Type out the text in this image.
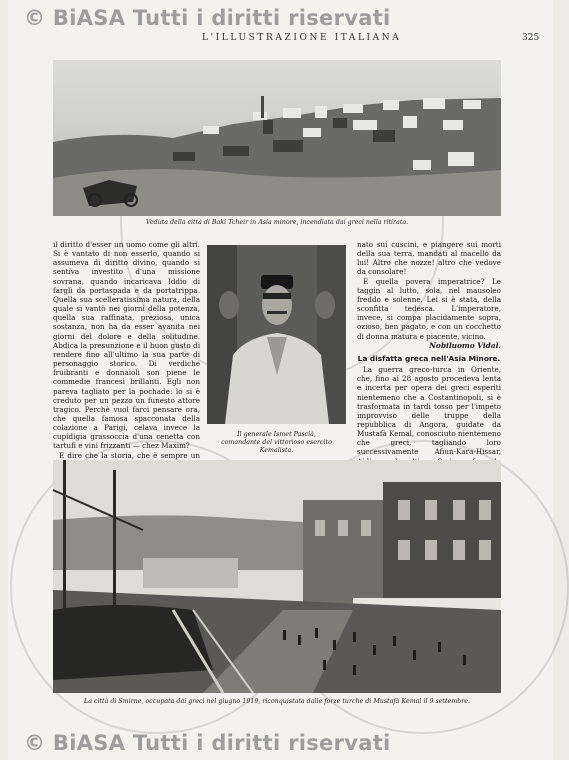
© BiASA Tutti i diritti riservati
© BiASA Tutti i diritti riservati
L'ILLUSTRAZIONE ITALIANA	325
Veduta della città di Baki Tcheir in Asia minore, incendiata dai greci nella ritirata.

il diritto d'esser un uomo come gli altri. Si è vantato di non esserlo, quando si assumeva di diritto divino, quando si sentiva investito d'una missione sovrana, quando incaricava Iddio di farglì da portaspada e da portatrippa. Quella sua scelleratissima natura, della quale si vantò nei giorni della potenza, quella sua raffinata, preziosa, unica sostanza, non ha da esser avanita nei giorni del dolore e della solitudine. Abdica la presunzione e il buon gusto di rendere fino all'ultimo la sua parte di personaggio storico. Di verdiche fruibranti e donnaioli son piene le commedie francesi brillanti. Egli non pareva tagliato per la pochade: lo si è creduto per un pezzo un funesto attore tragico. Perchè vuol farci pensare ora, che quella famosa spacconata della colazione a Parigi, celava invece la cupidigia grassoccia d'una cenetta con tartufi e vini frizzanti — chez Maxim?

E dire che la storia, che è sempre un

Il generale Ismet Pascià,
comandante del vittorioso esercito Kemalista.

nato sui cuscini, e piangere sui morti della sua terra, mandati al macello da lui! Altro che nozze! altro che vedove da consolare!

E quella povera imperatrice? Le taggin al lutto, sola, nel mausoleo freddo e solenne. Lei si è stata, della sconfitta tedesca. L'imperatore, invece, si compa placidamente sopra, ozioso, ben pagato, e con un cocchetto di donna matura e piacente, vicino.

Nobiluomo Vidal.
La disfatta greca nell'Asia Minore.

La guerra greco-turca in Oriente, che, fino ai 28 agosto procedeva lenta e incerta per opera dei greci esperiti nientemeno che a Costantinopoli, si è trasformata in tardi tosso per l'impeto improvviso delle truppe della repubblica di Angora, guidate da Mustafà Kemal, conosciuto nientemeno che greci, tagliando loro successivamente Afiun-Kara-Hissar,

La città di Smirne, occupata dai greci nel giugno 1919, riconquistata dalle forze turche di Mustafà Kemal il 9 settembre.
